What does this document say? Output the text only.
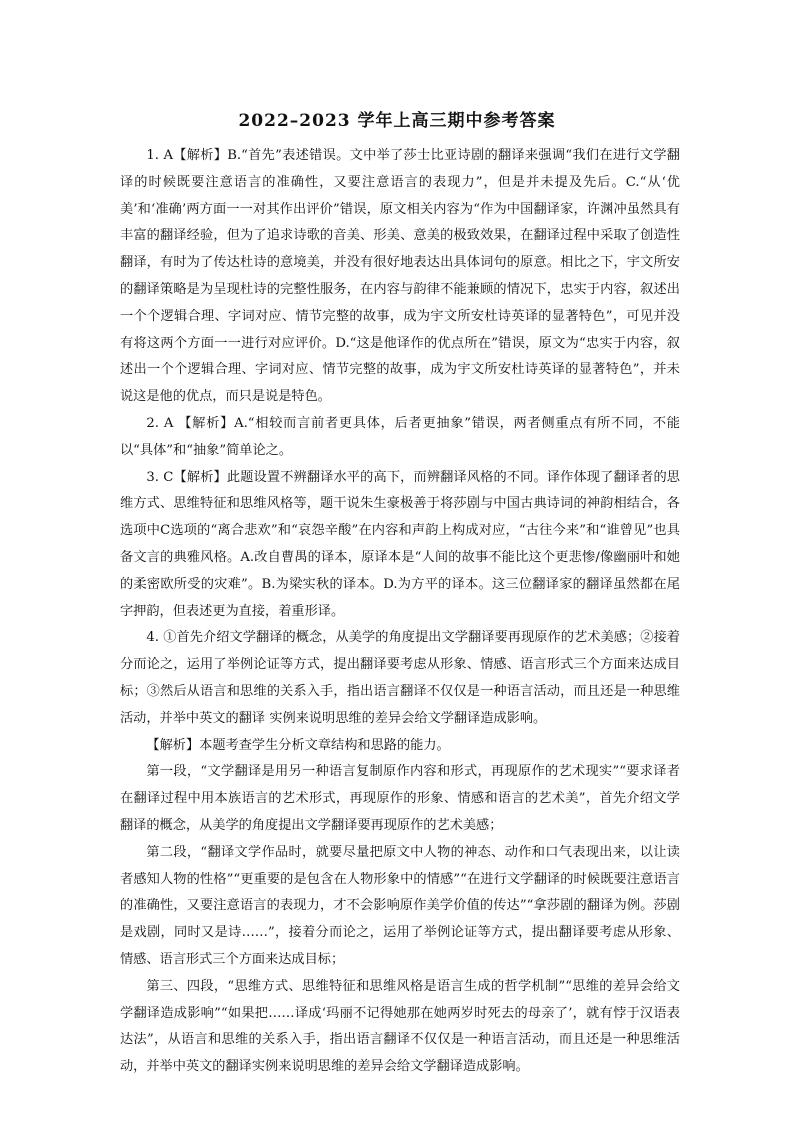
2022–2023 学年上高三期中参考答案

1. A【解析】B.“首先”表述错误。文中举了莎士比亚诗剧的翻译来强调“我们在进行文学翻译的时候既要注意语言的准确性，又要注意语言的表现力”，但是并未提及先后。C.“从‘优美’和‘准确’两方面一一对其作出评价”错误，原文相关内容为“作为中国翻译家，许渊冲虽然具有丰富的翻译经验，但为了追求诗歌的音美、形美、意美的极致效果，在翻译过程中采取了创造性翻译，有时为了传达杜诗的意境美，并没有很好地表达出具体词句的原意。相比之下，宇文所安的翻译策略是为呈现杜诗的完整性服务，在内容与韵律不能兼顾的情况下，忠实于内容，叙述出一个个逻辑合理、字词对应、情节完整的故事，成为宇文所安杜诗英译的显著特色”，可见并没有将这两个方面一一进行对应评价。D.“这是他译作的优点所在”错误，原文为“忠实于内容，叙述出一个个逻辑合理、字词对应、情节完整的故事，成为宇文所安杜诗英译的显著特色”，并未说这是他的优点，而只是说是特色。

2. A 【解析】A.“相较而言前者更具体，后者更抽象”错误，两者侧重点有所不同，不能以“具体”和“抽象”简单论之。

3. C【解析】此题设置不辨翻译水平的高下，而辨翻译风格的不同。译作体现了翻译者的思维方式、思维特征和思维风格等，题干说朱生豪极善于将莎剧与中国古典诗词的神韵相结合，各选项中C选项的“离合悲欢”和“哀怨辛酸”在内容和声韵上构成对应，“古往今来”和“谁曾见”也具备文言的典雅风格。A.改自曹禺的译本，原译本是“人间的故事不能比这个更悲惨/像幽丽叶和她的柔密欧所受的灾难”。B.为梁实秋的译本。D.为方平的译本。这三位翻译家的翻译虽然都在尾字押韵，但表述更为直接，着重形译。

4. ①首先介绍文学翻译的概念，从美学的角度提出文学翻译要再现原作的艺术美感；②接着分而论之，运用了举例论证等方式，提出翻译要考虑从形象、情感、语言形式三个方面来达成目标；③然后从语言和思维的关系入手，指出语言翻译不仅仅是一种语言活动，而且还是一种思维活动，并举中英文的翻译 实例来说明思维的差异会给文学翻译造成影响。

【解析】本题考查学生分析文章结构和思路的能力。

第一段，“文学翻译是用另一种语言复制原作内容和形式，再现原作的艺术现实”“要求译者在翻译过程中用本族语言的艺术形式，再现原作的形象、情感和语言的艺术美”，首先介绍文学翻译的概念，从美学的角度提出文学翻译要再现原作的艺术美感；

第二段，“翻译文学作品时，就要尽量把原文中人物的神态、动作和口气表现出来，以让读者感知人物的性格”“更重要的是包含在人物形象中的情感”“在进行文学翻译的时候既要注意语言的准确性，又要注意语言的表现力，才不会影响原作美学价值的传达”“拿莎剧的翻译为例。莎剧是戏剧，同时又是诗……”，接着分而论之，运用了举例论证等方式，提出翻译要考虑从形象、情感、语言形式三个方面来达成目标；

第三、四段，“思维方式、思维特征和思维风格是语言生成的哲学机制”“思维的差异会给文学翻译造成影响”“如果把……译成‘玛丽不记得她那在她两岁时死去的母亲了’，就有悖于汉语表达法”，从语言和思维的关系入手，指出语言翻译不仅仅是一种语言活动，而且还是一种思维活动，并举中英文的翻译实例来说明思维的差异会给文学翻译造成影响。
